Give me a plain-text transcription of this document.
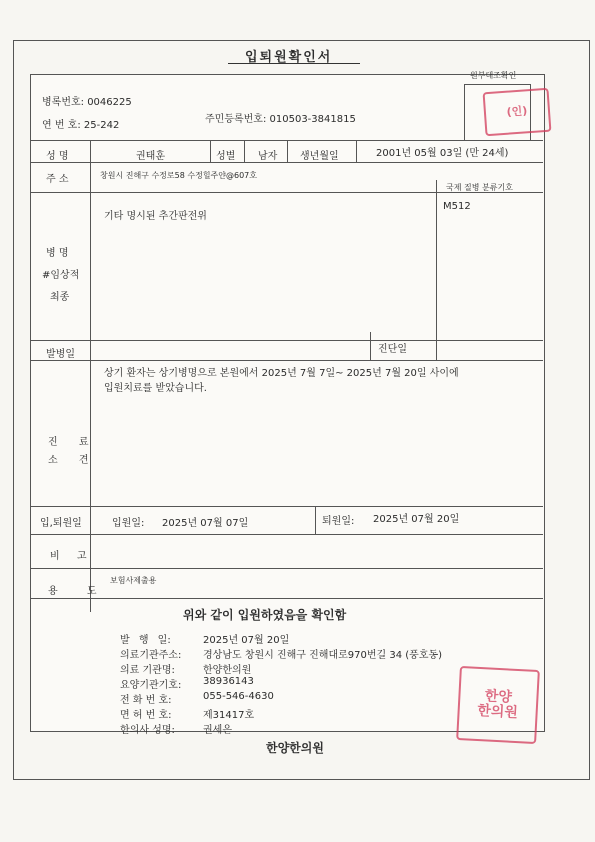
입퇴원확인서
원부대조확인
(인)
병록번호: 0046225
연 번 호: 25-242
주민등록번호: 010503-3841815
성 명	권태훈	성별 남자 생년월일	2001년 05월 03일 (만 24세)
주 소	창원시 진해구 수정로58 수정힐주얀@607호
병 명
#임상적
최종
기타 명시된 추간판전위
국제 질병 분류기호
M512
발병일	진단일
진 료
소 견
상기 환자는 상기병명으로 본원에서 2025년 7월 7일~ 2025년 7월 20일 사이에
입원치료를 받았습니다.
입,퇴원일	입원일: 2025년 07월 07일	퇴원일: 2025년 07월 20일
비 고
용 도
보험사제출용
위와 같이 입원하였음을 확인함
발 행 일:	2025년 07월 20일
의료기관주소: 경상남도 창원시 진해구 진해대로970번길 34 (풍호동)
의료 기관명:	한양한의원
요양기관기호: 38936143
전 화 번 호:	055-546-4630
면 허 번 호:	제31417호
한의사 성명:	권세은
한양한의원
한양
한의원
